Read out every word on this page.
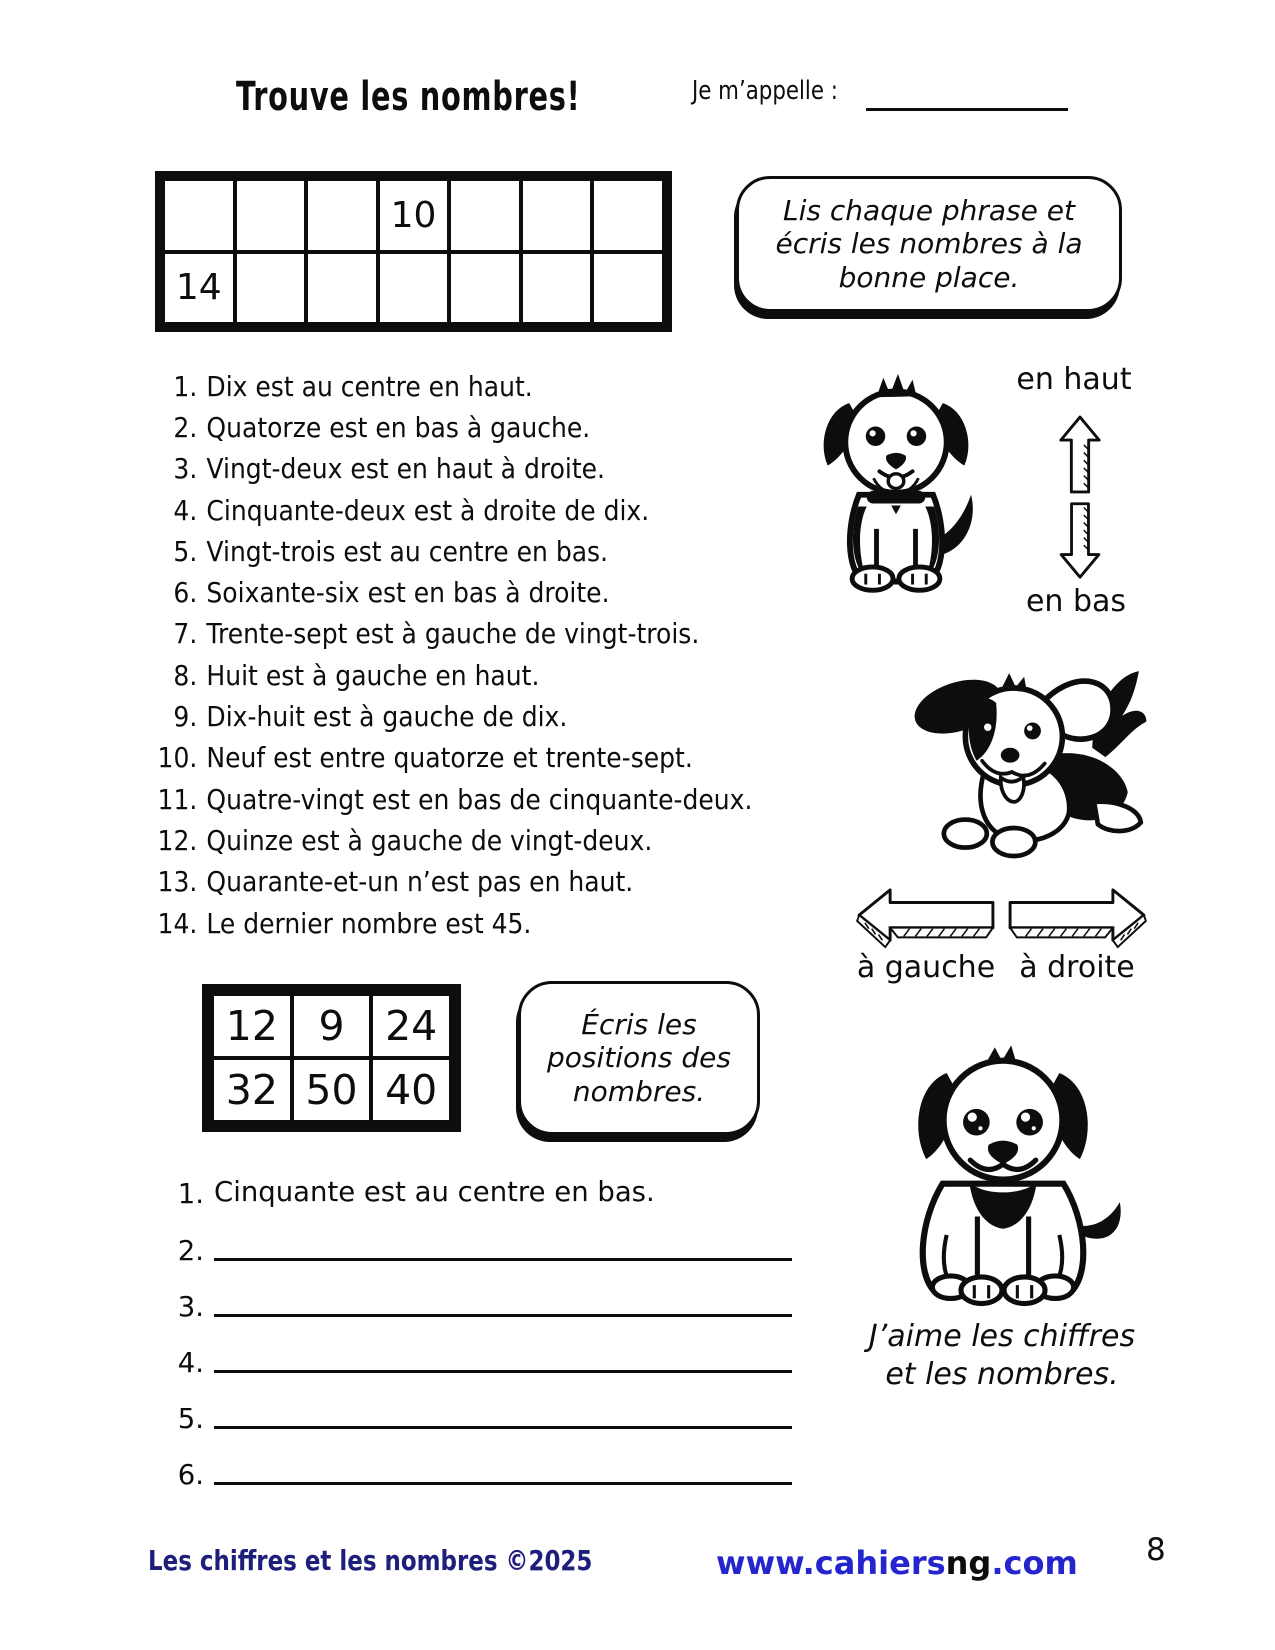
Trouve les nombres!	Je m’appelle :
10
14
Lis chaque phrase et écris les nombres à la bonne place.
1. Dix est au centre en haut.
2. Quatorze est en bas à gauche.
3. Vingt-deux est en haut à droite.
4. Cinquante-deux est à droite de dix.
5. Vingt-trois est au centre en bas.
6. Soixante-six est en bas à droite.
7. Trente-sept est à gauche de vingt-trois.
8. Huit est à gauche en haut.
9. Dix-huit est à gauche de dix.
10. Neuf est entre quatorze et trente-sept.
11. Quatre-vingt est en bas de cinquante-deux.
12. Quinze est à gauche de vingt-deux.
13. Quarante-et-un n’est pas en haut.
14. Le dernier nombre est 45.
en haut
en bas
à gauche à droite
12 9 24
32 50 40
Écris les positions des nombres.
1. Cinquante est au centre en bas.
2.
3.
4.
5.
6.
J’aime les chiffres et les nombres.
Les chiffres et les nombres ©2025	www.cahiersng.com 8
